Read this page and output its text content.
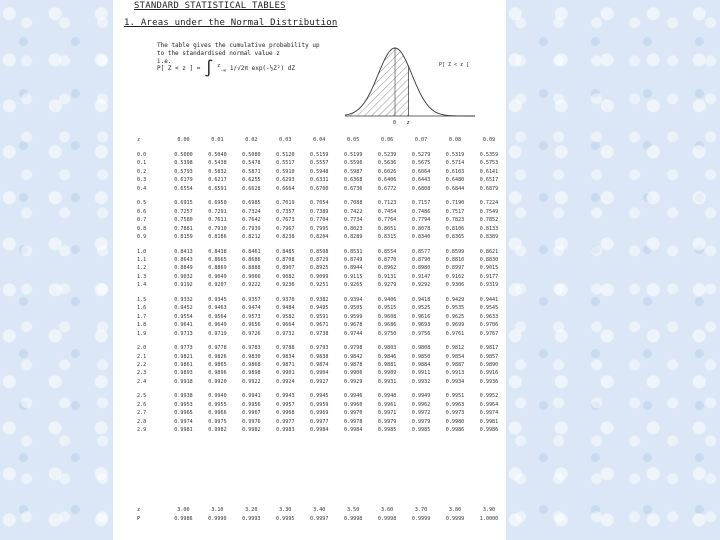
STANDARD STATISTICAL TABLES
1. Areas under the Normal Distribution
The table gives the cumulative probability up to the standardised normal value z
i.e.
P[ Z < z ] = ∫ $^z_{-\infty}$ 1/√2π exp(-½Z²) dZ
0 z
P[ Z < z ]
z	0.00	0.01	0.02	0.03	0.04	0.05	0.06	0.07	0.08	0.09

0.0	0.5000	0.5040	0.5080	0.5120	0.5159	0.5199	0.5239	0.5279	0.5319	0.5359
0.1	0.5398	0.5438	0.5478	0.5517	0.5557	0.5596	0.5636	0.5675	0.5714	0.5753
0.2	0.5793	0.5832	0.5871	0.5910	0.5948	0.5987	0.6026	0.6064	0.6103	0.6141
0.3	0.6179	0.6217	0.6255	0.6293	0.6331	0.6368	0.6406	0.6443	0.6480	0.6517
0.4	0.6554	0.6591	0.6628	0.6664	0.6700	0.6736	0.6772	0.6808	0.6844	0.6879

0.5	0.6915	0.6950	0.6985	0.7019	0.7054	0.7088	0.7123	0.7157	0.7190	0.7224
0.6	0.7257	0.7291	0.7324	0.7357	0.7389	0.7422	0.7454	0.7486	0.7517	0.7549
0.7	0.7580	0.7611	0.7642	0.7673	0.7704	0.7734	0.7764	0.7794	0.7823	0.7852
0.8	0.7881	0.7910	0.7939	0.7967	0.7995	0.8023	0.8051	0.8078	0.8106	0.8133
0.9	0.8159	0.8186	0.8212	0.8238	0.8264	0.8289	0.8315	0.8340	0.8365	0.8389

1.0	0.8413	0.8438	0.8461	0.8485	0.8508	0.8531	0.8554	0.8577	0.8599	0.8621
1.1	0.8643	0.8665	0.8686	0.8708	0.8729	0.8749	0.8770	0.8790	0.8810	0.8830
1.2	0.8849	0.8869	0.8888	0.8907	0.8925	0.8944	0.8962	0.8980	0.8997	0.9015
1.3	0.9032	0.9049	0.9066	0.9082	0.9099	0.9115	0.9131	0.9147	0.9162	0.9177
1.4	0.9192	0.9207	0.9222	0.9236	0.9251	0.9265	0.9279	0.9292	0.9306	0.9319

1.5	0.9332	0.9345	0.9357	0.9370	0.9382	0.9394	0.9406	0.9418	0.9429	0.9441
1.6	0.9452	0.9463	0.9474	0.9484	0.9495	0.9505	0.9515	0.9525	0.9535	0.9545
1.7	0.9554	0.9564	0.9573	0.9582	0.9591	0.9599	0.9608	0.9616	0.9625	0.9633
1.8	0.9641	0.9649	0.9656	0.9664	0.9671	0.9678	0.9686	0.9693	0.9699	0.9706
1.9	0.9713	0.9719	0.9726	0.9732	0.9738	0.9744	0.9750	0.9756	0.9761	0.9767

2.0	0.9773	0.9778	0.9783	0.9788	0.9793	0.9798	0.9803	0.9808	0.9812	0.9817
2.1	0.9821	0.9826	0.9830	0.9834	0.9838	0.9842	0.9846	0.9850	0.9854	0.9857
2.2	0.9861	0.9865	0.9868	0.9871	0.9874	0.9878	0.9881	0.9884	0.9887	0.9890
2.3	0.9893	0.9896	0.9898	0.9901	0.9904	0.9906	0.9909	0.9911	0.9913	0.9916
2.4	0.9918	0.9920	0.9922	0.9924	0.9927	0.9929	0.9931	0.9932	0.9934	0.9936

2.5	0.9938	0.9940	0.9941	0.9943	0.9945	0.9946	0.9948	0.9949	0.9951	0.9952
2.6	0.9953	0.9955	0.9956	0.9957	0.9959	0.9960	0.9961	0.9962	0.9963	0.9964
2.7	0.9965	0.9966	0.9967	0.9968	0.9969	0.9970	0.9971	0.9972	0.9973	0.9974
2.8	0.9974	0.9975	0.9976	0.9977	0.9977	0.9978	0.9979	0.9979	0.9980	0.9981
2.9	0.9981	0.9982	0.9982	0.9983	0.9984	0.9984	0.9985	0.9985	0.9986	0.9986
z	3.00	3.10	3.20	3.30	3.40	3.50	3.60	3.70	3.80	3.90
P	0.9986	0.9990	0.9993	0.9995	0.9997	0.9998	0.9998	0.9999	0.9999	1.0000
